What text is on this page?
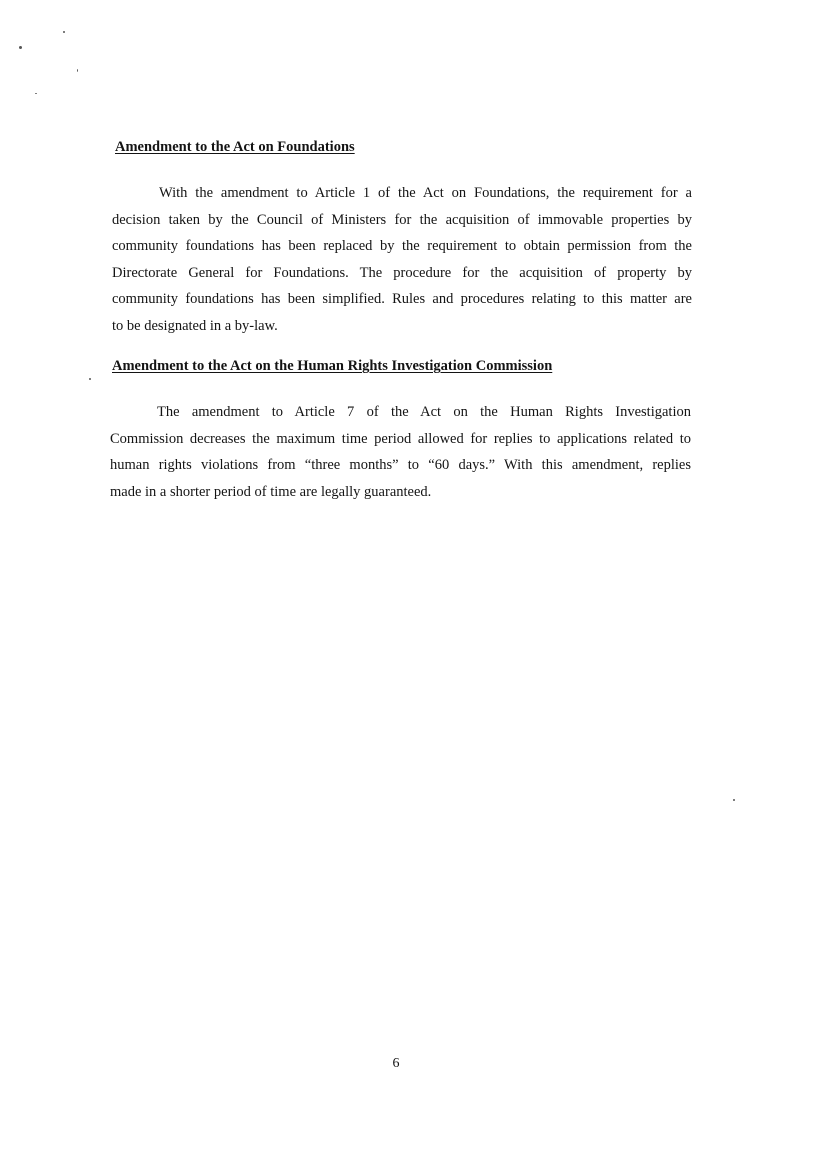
Amendment to the Act on Foundations

With the amendment to Article 1 of the Act on Foundations, the requirement for a
decision taken by the Council of Ministers for the acquisition of immovable properties by
community foundations has been replaced by the requirement to obtain permission from the
Directorate General for Foundations. The procedure for the acquisition of property by
community foundations has been simplified. Rules and procedures relating to this matter are
to be designated in a by-law.

Amendment to the Act on the Human Rights Investigation Commission

The amendment to Article 7 of the Act on the Human Rights Investigation
Commission decreases the maximum time period allowed for replies to applications related to
human rights violations from “three months” to “60 days.” With this amendment, replies
made in a shorter period of time are legally guaranteed.

6
